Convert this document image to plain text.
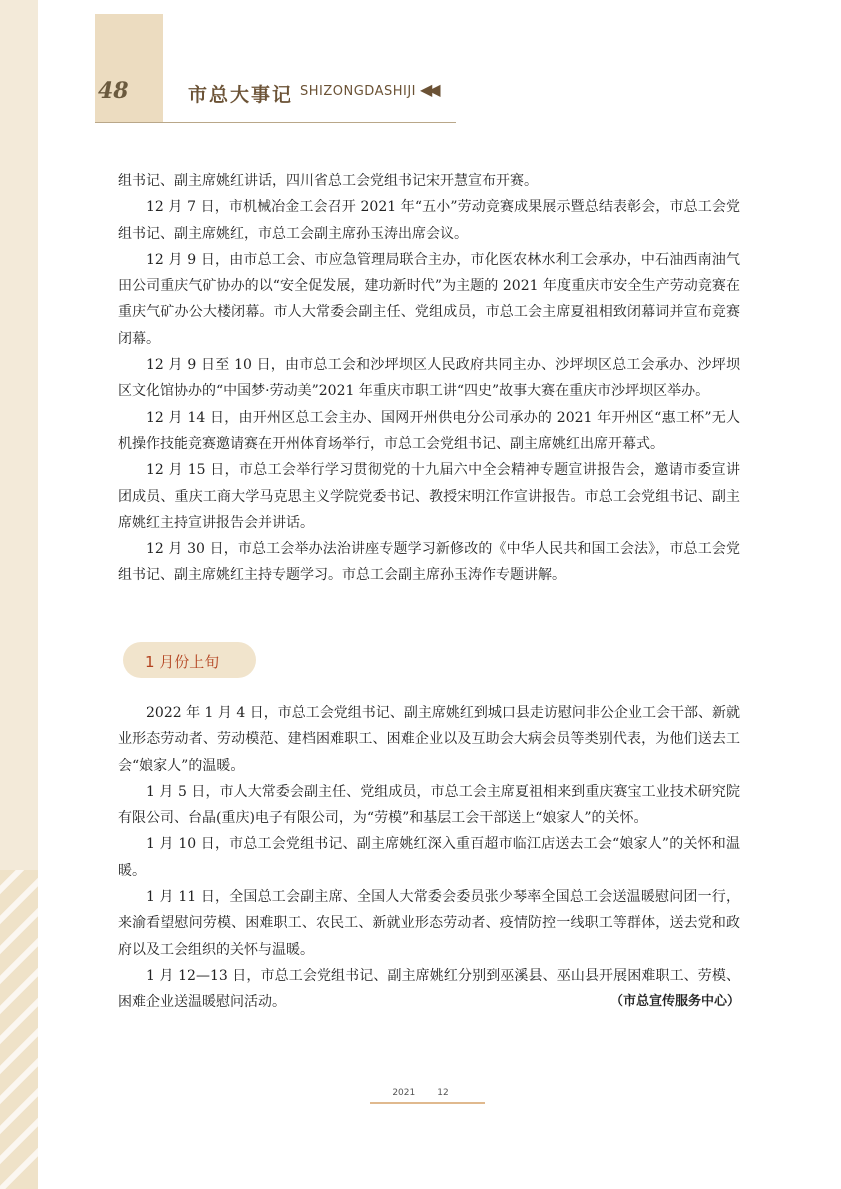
48	市总大事记 SHIZONGDASHIJI ◀◀

组书记、副主席姚红讲话，四川省总工会党组书记宋开慧宣布开赛。

12 月 7 日，市机械冶金工会召开 2021 年“五小”劳动竞赛成果展示暨总结表彰会，市总工会党组书记、副主席姚红，市总工会副主席孙玉涛出席会议。

12 月 9 日，由市总工会、市应急管理局联合主办，市化医农林水利工会承办，中石油西南油气田公司重庆气矿协办的以“安全促发展，建功新时代”为主题的 2021 年度重庆市安全生产劳动竞赛在重庆气矿办公大楼闭幕。市人大常委会副主任、党组成员，市总工会主席夏祖相致闭幕词并宣布竞赛闭幕。

12 月 9 日至 10 日，由市总工会和沙坪坝区人民政府共同主办、沙坪坝区总工会承办、沙坪坝区文化馆协办的“中国梦·劳动美”2021 年重庆市职工讲“四史”故事大赛在重庆市沙坪坝区举办。

12 月 14 日，由开州区总工会主办、国网开州供电分公司承办的 2021 年开州区“惠工杯”无人机操作技能竞赛邀请赛在开州体育场举行，市总工会党组书记、副主席姚红出席开幕式。

12 月 15 日，市总工会举行学习贯彻党的十九届六中全会精神专题宣讲报告会，邀请市委宣讲团成员、重庆工商大学马克思主义学院党委书记、教授宋明江作宣讲报告。市总工会党组书记、副主席姚红主持宣讲报告会并讲话。

12 月 30 日，市总工会举办法治讲座专题学习新修改的《中华人民共和国工会法》，市总工会党组书记、副主席姚红主持专题学习。市总工会副主席孙玉涛作专题讲解。

1 月份上旬

2022 年 1 月 4 日，市总工会党组书记、副主席姚红到城口县走访慰问非公企业工会干部、新就业形态劳动者、劳动模范、建档困难职工、困难企业以及互助会大病会员等类别代表，为他们送去工会“娘家人”的温暖。

1 月 5 日，市人大常委会副主任、党组成员，市总工会主席夏祖相来到重庆赛宝工业技术研究院有限公司、台晶(重庆)电子有限公司，为“劳模”和基层工会干部送上“娘家人”的关怀。

1 月 10 日，市总工会党组书记、副主席姚红深入重百超市临江店送去工会“娘家人”的关怀和温暖。

1 月 11 日，全国总工会副主席、全国人大常委会委员张少琴率全国总工会送温暖慰问团一行，来渝看望慰问劳模、困难职工、农民工、新就业形态劳动者、疫情防控一线职工等群体，送去党和政府以及工会组织的关怀与温暖。

1 月 12—13 日，市总工会党组书记、副主席姚红分别到巫溪县、巫山县开展困难职工、劳模、困难企业送温暖慰问活动。	（市总宣传服务中心）

2021 12
